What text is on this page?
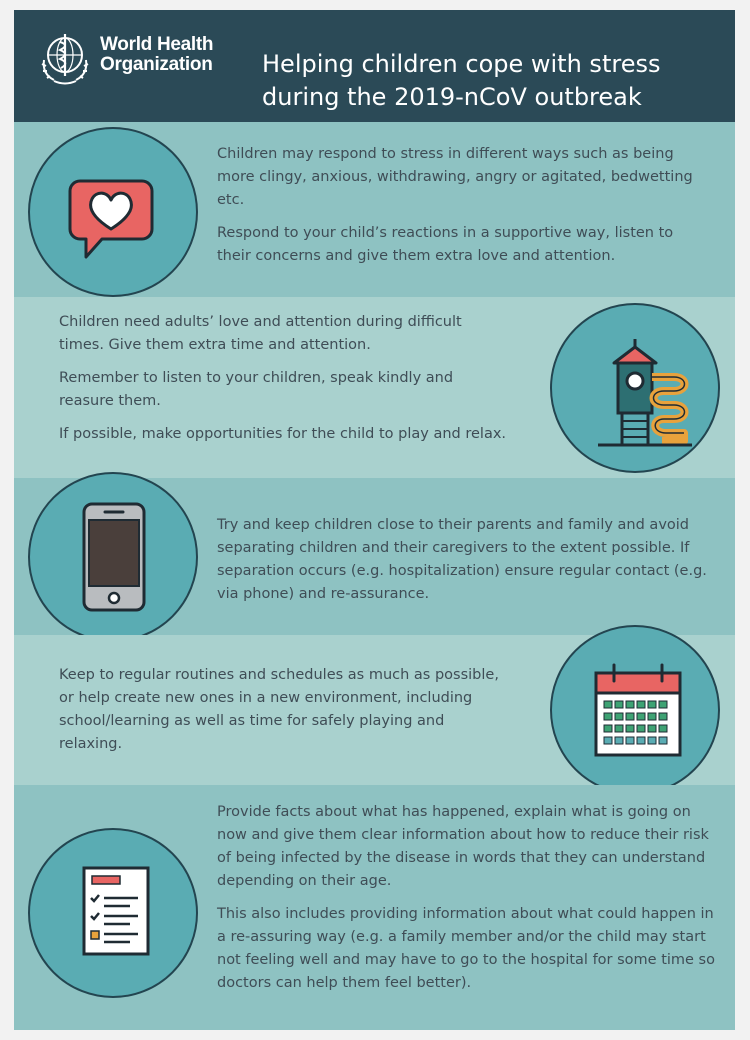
World Health
Organization Helping children cope with stress
during the 2019-nCoV outbreak

Children may respond to stress in different ways such as being more clingy, anxious, withdrawing, angry or agitated, bedwetting etc.

Respond to your child’s reactions in a supportive way, listen to their concerns and give them extra love and attention.

Children need adults’ love and attention during difficult times. Give them extra time and attention.

Remember to listen to your children, speak kindly and reasure them.

If possible, make opportunities for the child to play and relax.

Try and keep children close to their parents and family and avoid separating children and their caregivers to the extent possible. If separation occurs (e.g. hospitalization) ensure regular contact (e.g. via phone) and re-assurance.

Keep to regular routines and schedules as much as possible, or help create new ones in a new environment, including school/learning as well as time for safely playing and relaxing.

Provide facts about what has happened, explain what is going on now and give them clear information about how to reduce their risk of being infected by the disease in words that they can understand depending on their age.

This also includes providing information about what could happen in a re-assuring way (e.g. a family member and/or the child may start not feeling well and may have to go to the hospital for some time so doctors can help them feel better).
